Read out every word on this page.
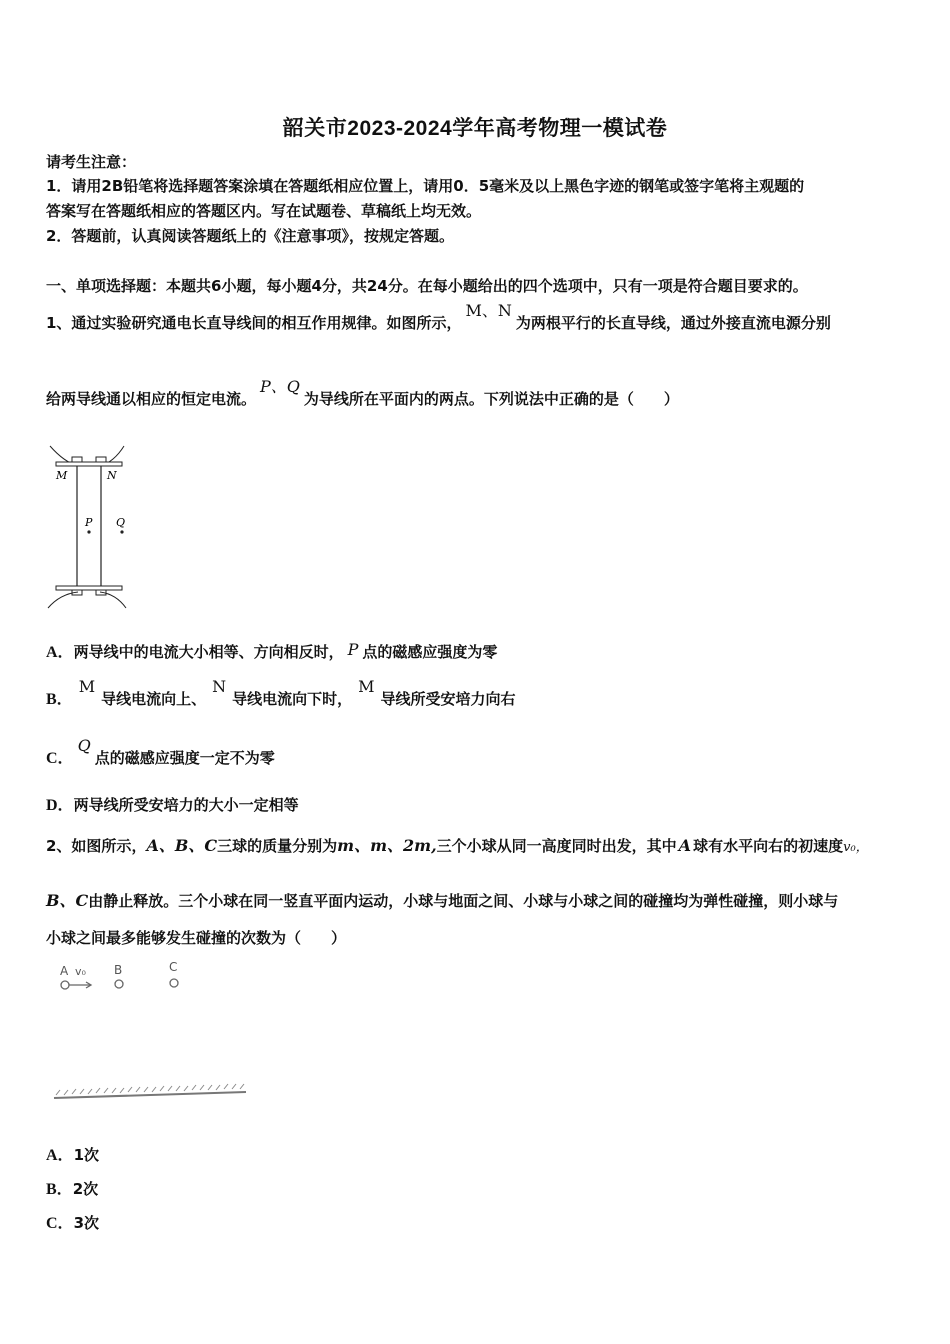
韶关市2023-2024学年高考物理一模试卷
请考生注意：
1．请用2B铅笔将选择题答案涂填在答题纸相应位置上，请用0．5毫米及以上黑色字迹的钢笔或签字笔将主观题的
答案写在答题纸相应的答题区内。写在试题卷、草稿纸上均无效。
2．答题前，认真阅读答题纸上的《注意事项》，按规定答题。
一、单项选择题：本题共6小题，每小题4分，共24分。在每小题给出的四个选项中，只有一项是符合题目要求的。
1、通过实验研究通电长直导线间的相互作用规律。如图所示，M、N为两根平行的长直导线，通过外接直流电源分别
给两导线通以相应的恒定电流。P、Q为导线所在平面内的两点。下列说法中正确的是（　　）
M	N
P Q
A．两导线中的电流大小相等、方向相反时， P 点的磁感应强度为零
B．M导线电流向上、N导线电流向下时，M导线所受安培力向右
C．Q点的磁感应强度一定不为零
D．两导线所受安培力的大小一定相等
2、如图所示，A、B、C三球的质量分别为m、m、2m,三个小球从同一高度同时出发，其中 A 球有水平向右的初速度v₀，
B、C由静止释放。三个小球在同一竖直平面内运动，小球与地面之间、小球与小球之间的碰撞均为弹性碰撞，则小球与
小球之间最多能够发生碰撞的次数为（　　）
A v₀ B	C
A．1次
B．2次
C．3次
